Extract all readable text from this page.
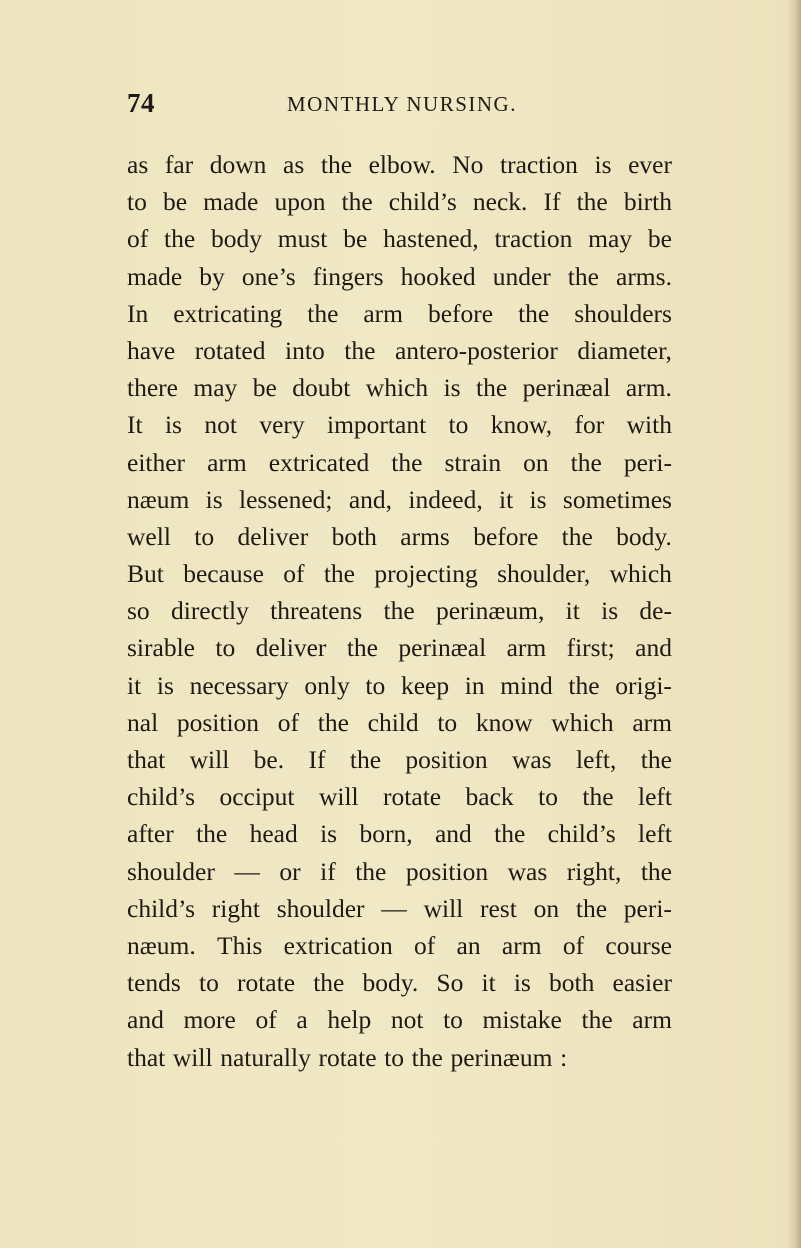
74	MONTHLY NURSING.
as far down as the elbow. No traction is ever
to be made upon the child’s neck. If the birth
of the body must be hastened, traction may be
made by one’s fingers hooked under the arms.
In extricating the arm before the shoulders
have rotated into the antero-posterior diameter,
there may be doubt which is the perinæal arm.
It is not very important to know, for with
either arm extricated the strain on the peri-
næum is lessened; and, indeed, it is sometimes
well to deliver both arms before the body.
But because of the projecting shoulder, which
so directly threatens the perinæum, it is de-
sirable to deliver the perinæal arm first; and
it is necessary only to keep in mind the origi-
nal position of the child to know which arm
that will be. If the position was left, the
child’s occiput will rotate back to the left
after the head is born, and the child’s left
shoulder — or if the position was right, the
child’s right shoulder — will rest on the peri-
næum. This extrication of an arm of course
tends to rotate the body. So it is both easier
and more of a help not to mistake the arm
that will naturally rotate to the perinæum :
